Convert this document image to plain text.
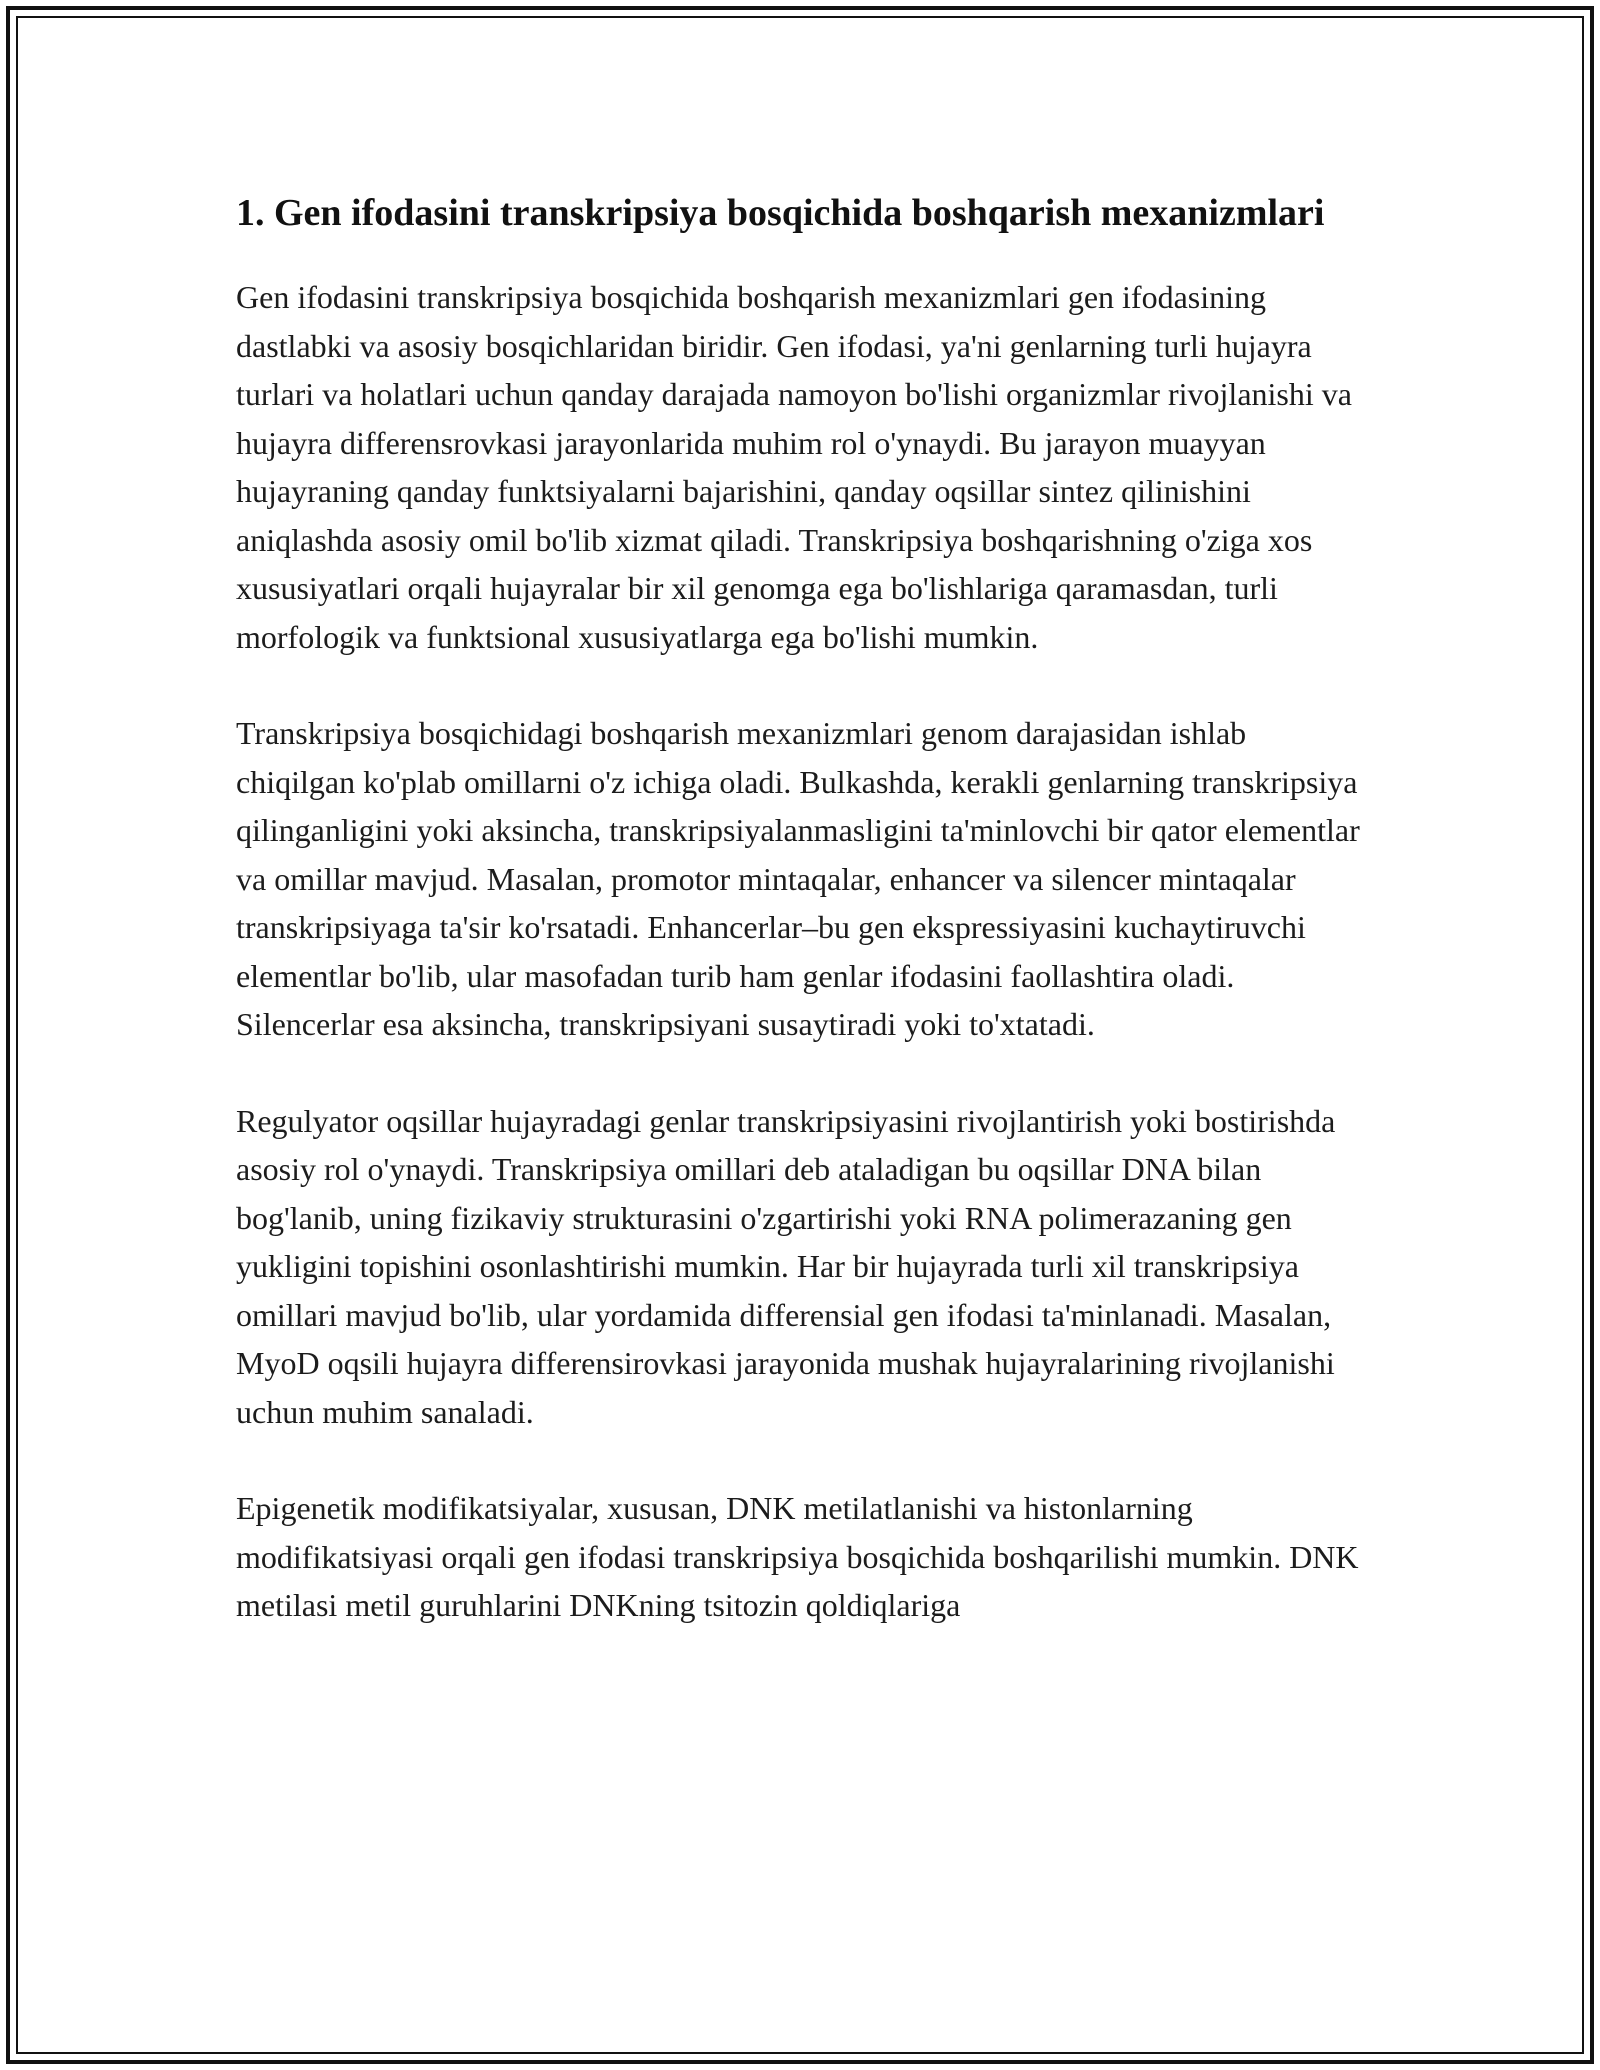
1. Gen ifodasini transkripsiya bosqichida boshqarish mexanizmlari

Gen ifodasini transkripsiya bosqichida boshqarish mexanizmlari gen ifodasining dastlabki va asosiy bosqichlaridan biridir. Gen ifodasi, ya'ni genlarning turli hujayra turlari va holatlari uchun qanday darajada namoyon bo'lishi organizmlar rivojlanishi va hujayra differensrovkasi jarayonlarida muhim rol o'ynaydi. Bu jarayon muayyan hujayraning qanday funktsiyalarni bajarishini, qanday oqsillar sintez qilinishini aniqlashda asosiy omil bo'lib xizmat qiladi. Transkripsiya boshqarishning o'ziga xos xususiyatlari orqali hujayralar bir xil genomga ega bo'lishlariga qaramasdan, turli morfologik va funktsional xususiyatlarga ega bo'lishi mumkin.

Transkripsiya bosqichidagi boshqarish mexanizmlari genom darajasidan ishlab chiqilgan ko'plab omillarni o'z ichiga oladi. Bulkashda, kerakli genlarning transkripsiya qilinganligini yoki aksincha, transkripsiyalanmasligini ta'minlovchi bir qator elementlar va omillar mavjud. Masalan, promotor mintaqalar, enhancer va silencer mintaqalar transkripsiyaga ta'sir ko'rsatadi. Enhancerlar–bu gen ekspressiyasini kuchaytiruvchi elementlar bo'lib, ular masofadan turib ham genlar ifodasini faollashtira oladi. Silencerlar esa aksincha, transkripsiyani susaytiradi yoki to'xtatadi.

Regulyator oqsillar hujayradagi genlar transkripsiyasini rivojlantirish yoki bostirishda asosiy rol o'ynaydi. Transkripsiya omillari deb ataladigan bu oqsillar DNA bilan bog'lanib, uning fizikaviy strukturasini o'zgartirishi yoki RNA polimerazaning gen yukligini topishini osonlashtirishi mumkin. Har bir hujayrada turli xil transkripsiya omillari mavjud bo'lib, ular yordamida differensial gen ifodasi ta'minlanadi. Masalan, MyoD oqsili hujayra differensirovkasi jarayonida mushak hujayralarining rivojlanishi uchun muhim sanaladi.

Epigenetik modifikatsiyalar, xususan, DNK metilatlanishi va histonlarning modifikatsiyasi orqali gen ifodasi transkripsiya bosqichida boshqarilishi mumkin. DNK metilasi metil guruhlarini DNKning tsitozin qoldiqlariga
